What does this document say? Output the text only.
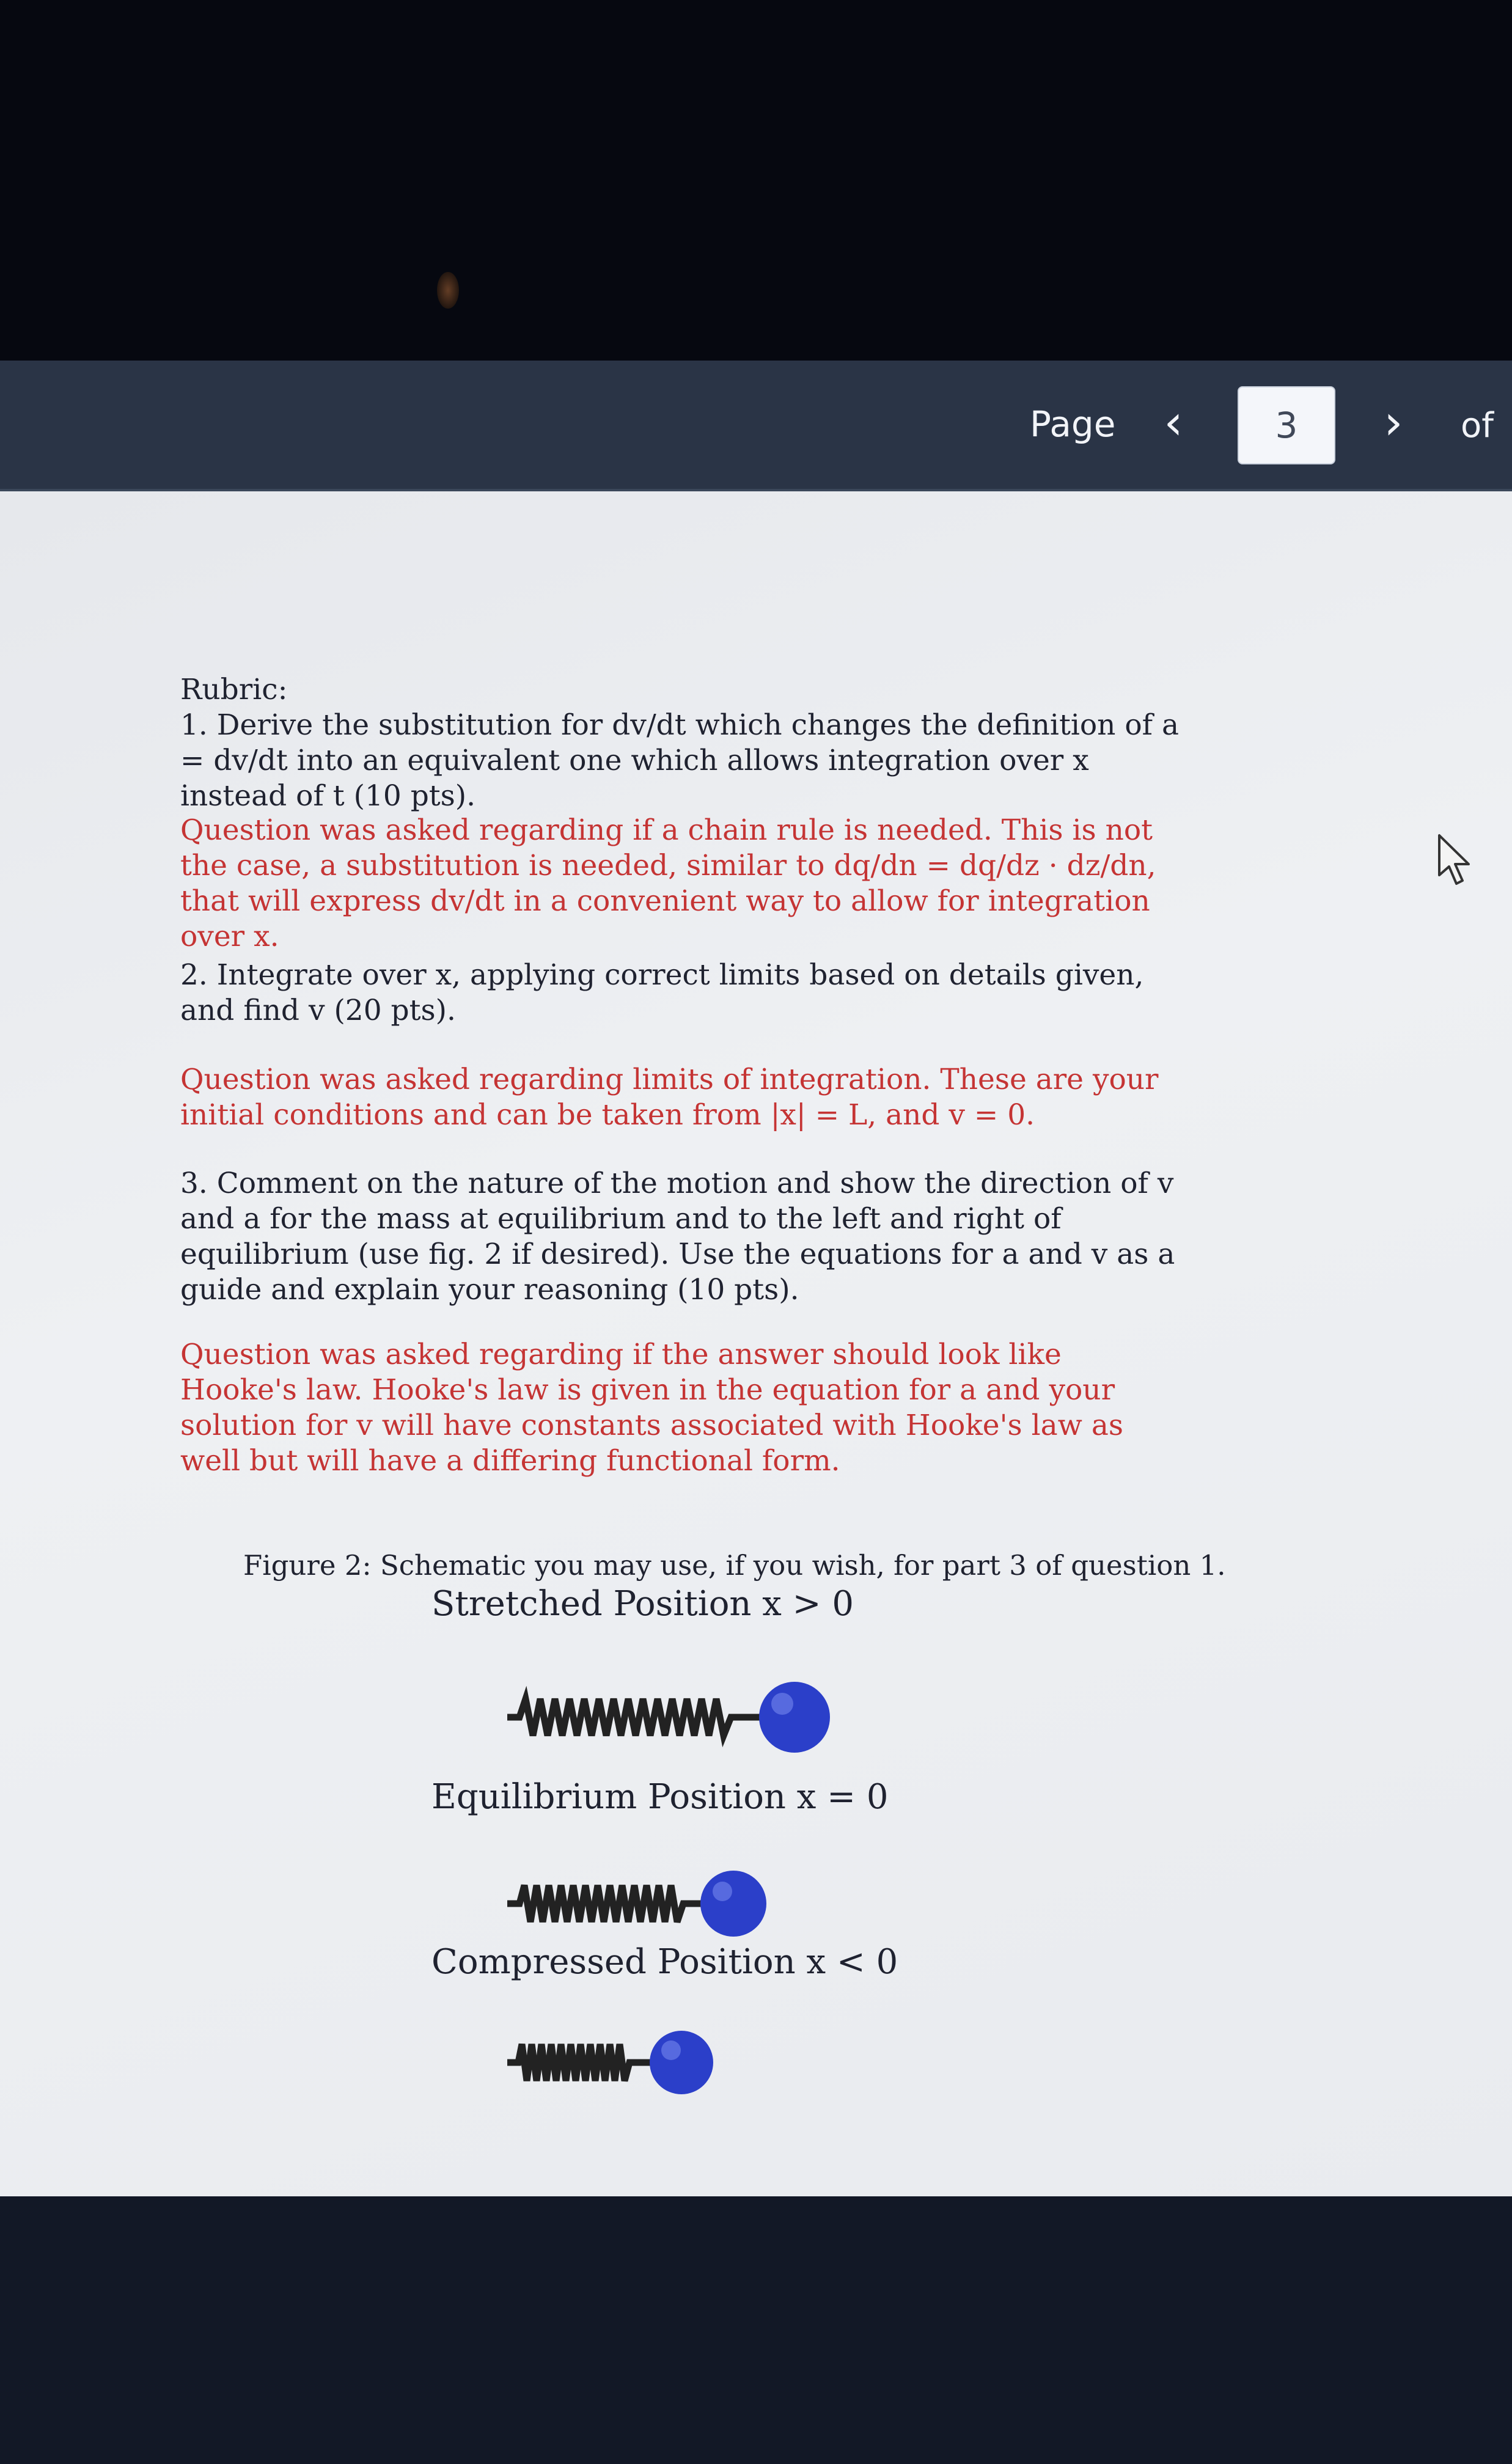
Page ‹	3	›	of
Rubric:
1. Derive the substitution for dv/dt which changes the definition of a = dv/dt into an equivalent one which allows integration over x instead of t (10 pts).
Question was asked regarding if a chain rule is needed. This is not the case, a substitution is needed, similar to dq/dn = dq/dz · dz/dn, that will express dv/dt in a convenient way to allow for integration over x.
2. Integrate over x, applying correct limits based on details given, and find v (20 pts).
Question was asked regarding limits of integration. These are your initial conditions and can be taken from |x| = L, and v = 0.
3. Comment on the nature of the motion and show the direction of v and a for the mass at equilibrium and to the left and right of equilibrium (use fig. 2 if desired). Use the equations for a and v as a guide and explain your reasoning (10 pts).
Question was asked regarding if the answer should look like Hooke's law. Hooke's law is given in the equation for a and your solution for v will have constants associated with Hooke's law as well but will have a differing functional form.
Figure 2: Schematic you may use, if you wish, for part 3 of question 1.
Stretched Position x > 0
Equilibrium Position x = 0
Compressed Position x < 0
